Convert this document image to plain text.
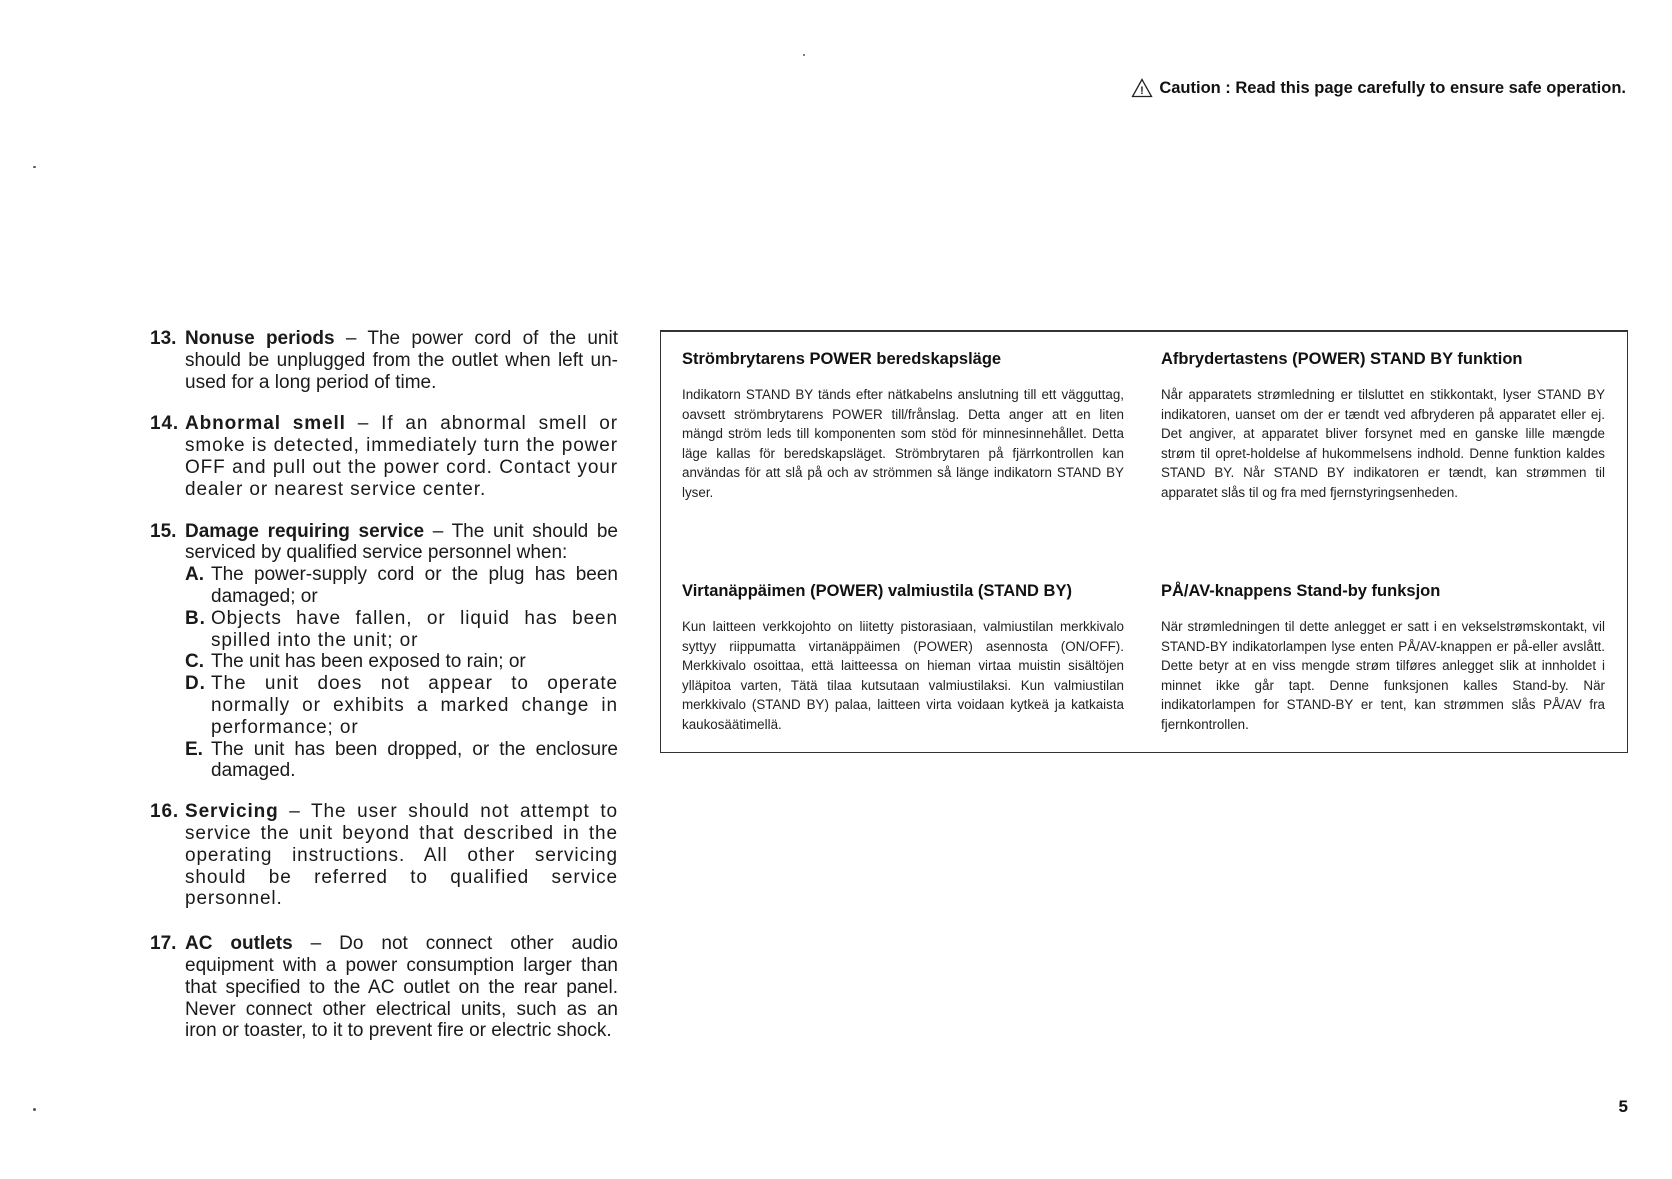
! Caution : Read this page carefully to ensure safe operation.
13. Nonuse periods – The power cord of the unit should be unplugged from the outlet when left un-used for a long period of time.
14. Abnormal smell – If an abnormal smell or smoke is detected, immediately turn the power OFF and pull out the power cord. Contact your dealer or nearest service center.
15. Damage requiring service – The unit should be serviced by qualified service personnel when:
A. The power-supply cord or the plug has been damaged; or
B. Objects have fallen, or liquid has been spilled into the unit; or
C. The unit has been exposed to rain; or
D. The unit does not appear to operate normally or exhibits a marked change in performance; or
E. The unit has been dropped, or the enclosure damaged.
16. Servicing – The user should not attempt to service the unit beyond that described in the operating instructions. All other servicing should be referred to qualified service personnel.
17. AC outlets – Do not connect other audio equipment with a power consumption larger than that specified to the AC outlet on the rear panel. Never connect other electrical units, such as an iron or toaster, to it to prevent fire or electric shock.

Strömbrytarens POWER beredskapsläge

Indikatorn STAND BY tänds efter nätkabelns anslutning till ett vägguttag, oavsett strömbrytarens POWER till/frånslag. Detta anger att en liten mängd ström leds till komponenten som stöd för minnesinnehållet. Detta läge kallas för beredskapsläget. Strömbrytaren på fjärrkontrollen kan användas för att slå på och av strömmen så länge indikatorn STAND BY lyser.

Afbrydertastens (POWER) STAND BY funktion

Når apparatets strømledning er tilsluttet en stikkontakt, lyser STAND BY indikatoren, uanset om der er tændt ved afbryderen på apparatet eller ej. Det angiver, at apparatet bliver forsynet med en ganske lille mængde strøm til opret-holdelse af hukommelsens indhold. Denne funktion kaldes STAND BY. Når STAND BY indikatoren er tændt, kan strømmen til apparatet slås til og fra med fjernstyringsenheden.

Virtanäppäimen (POWER) valmiustila (STAND BY)

Kun laitteen verkkojohto on liitetty pistorasiaan, valmiustilan merkkivalo syttyy riippumatta virtanäppäimen (POWER) asennosta (ON/OFF). Merkkivalo osoittaa, että laitteessa on hieman virtaa muistin sisältöjen ylläpitoa varten, Tätä tilaa kutsutaan valmiustilaksi. Kun valmiustilan merkkivalo (STAND BY) palaa, laitteen virta voidaan kytkeä ja katkaista kaukosäätimellä.

PÅ/AV-knappens Stand-by funksjon

När strømledningen til dette anlegget er satt i en vekselstrømskontakt, vil STAND-BY indikatorlampen lyse enten PÅ/AV-knappen er på-eller avslått. Dette betyr at en viss mengde strøm tilføres anlegget slik at innholdet i minnet ikke går tapt. Denne funksjonen kalles Stand-by. När indikatorlampen for STAND-BY er tent, kan strømmen slås PÅ/AV fra fjernkontrollen.

5
